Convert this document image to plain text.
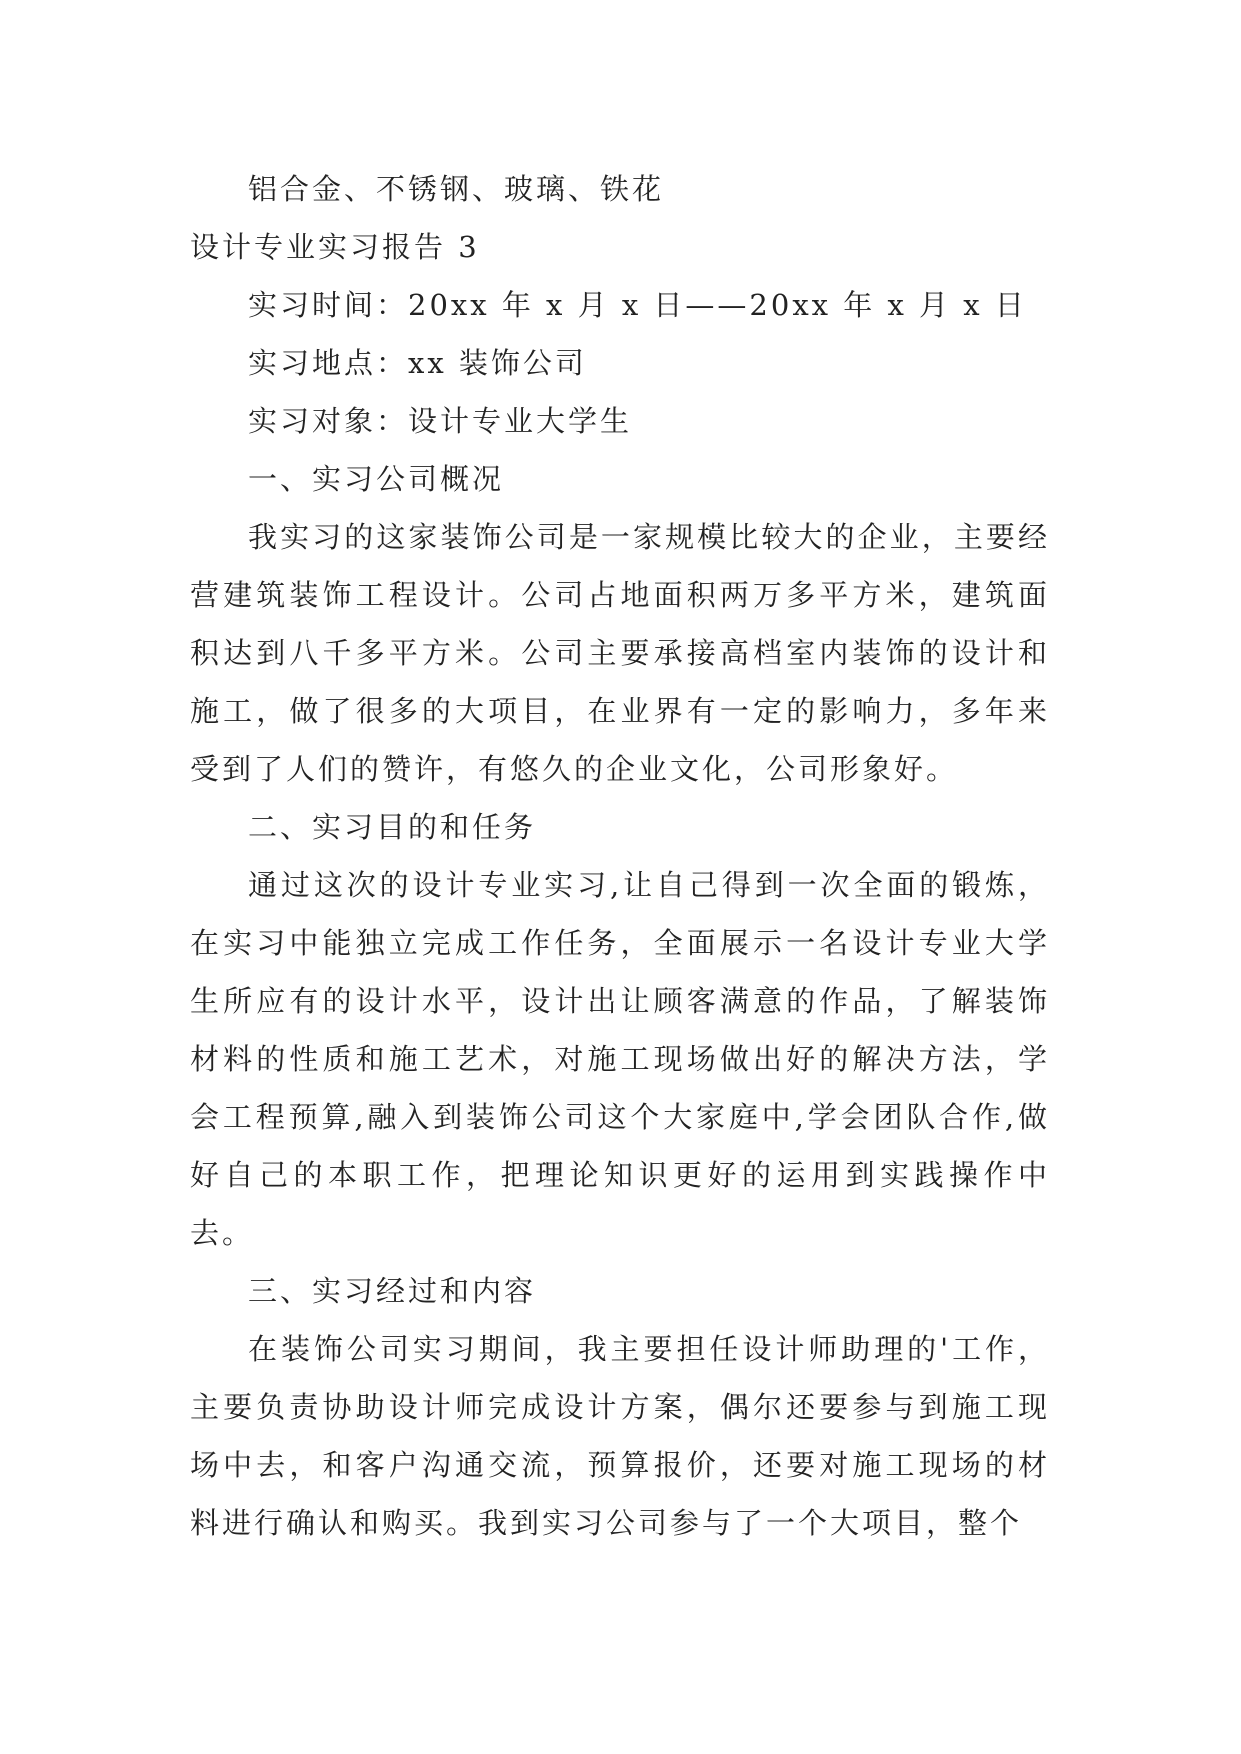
铝合金、不锈钢、玻璃、铁花

设计专业实习报告 3

实习时间：20xx 年 x 月 x 日——20xx 年 x 月 x 日

实习地点：xx 装饰公司

实习对象：设计专业大学生

一、实习公司概况

我实习的这家装饰公司是一家规模比较大的企业，主要经营建筑装饰工程设计。公司占地面积两万多平方米，建筑面积达到八千多平方米。公司主要承接高档室内装饰的设计和施工，做了很多的大项目，在业界有一定的影响力，多年来受到了人们的赞许，有悠久的企业文化，公司形象好。

二、实习目的和任务

通过这次的设计专业实习,让自己得到一次全面的锻炼，在实习中能独立完成工作任务，全面展示一名设计专业大学生所应有的设计水平，设计出让顾客满意的作品，了解装饰材料的性质和施工艺术，对施工现场做出好的解决方法，学会工程预算,融入到装饰公司这个大家庭中,学会团队合作,做好自己的本职工作，把理论知识更好的运用到实践操作中去。

三、实习经过和内容

在装饰公司实习期间，我主要担任设计师助理的'工作，主要负责协助设计师完成设计方案，偶尔还要参与到施工现场中去，和客户沟通交流，预算报价，还要对施工现场的材料进行确认和购买。我到实习公司参与了一个大项目，整个
